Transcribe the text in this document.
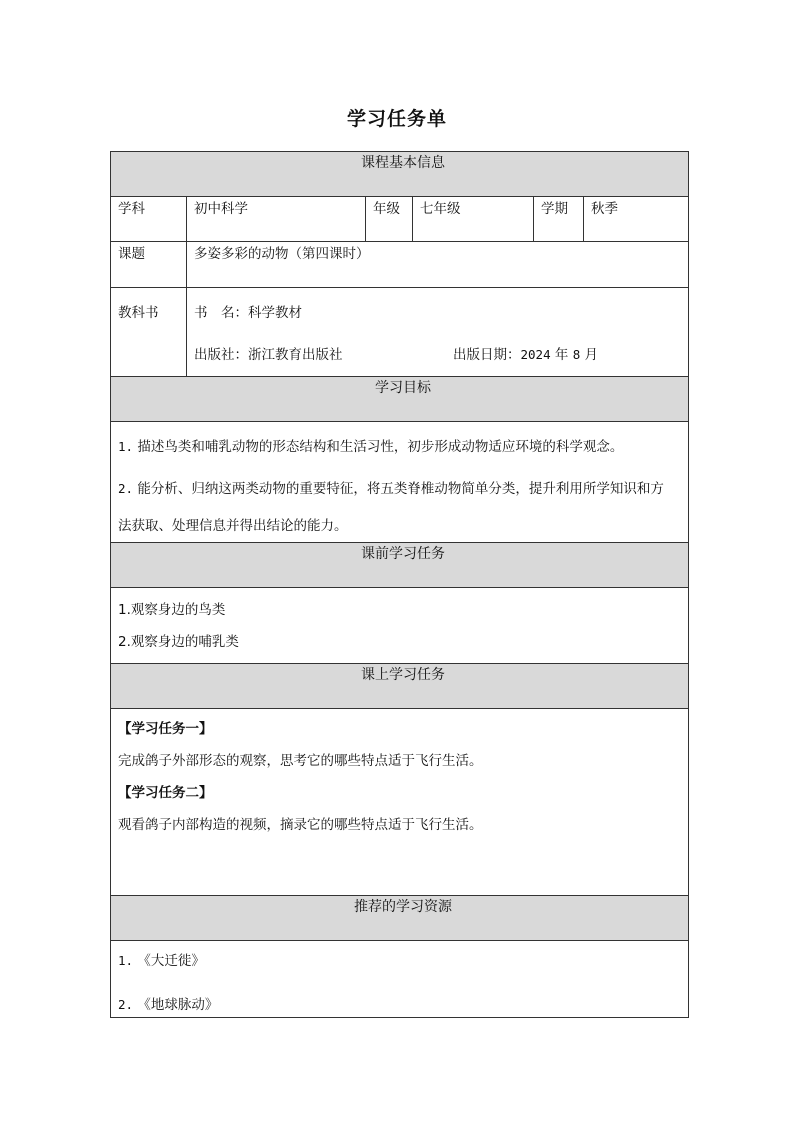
学习任务单
课程基本信息					
学科	初中科学	年级	七年级	学期	秋季
课题	多姿多彩的动物（第四课时）				
教科书	书　名：科学教材
出版社：浙江教育出版社 出版日期：2024 年 8 月				

学习目标					

1. 描述鸟类和哺乳动物的形态结构和生活习性，初步形成动物适应环境的科学观念。
2. 能分析、归纳这两类动物的重要特征，将五类脊椎动物简单分类，提升利用所学知识和方
法获取、处理信息并得出结论的能力。					

课前学习任务					

1.观察身边的鸟类
2.观察身边的哺乳类					

课上学习任务					

【学习任务一】
完成鸽子外部形态的观察，思考它的哪些特点适于飞行生活。
【学习任务二】
观看鸽子内部构造的视频，摘录它的哪些特点适于飞行生活。					

推荐的学习资源					

1. 《大迁徙》
2. 《地球脉动》					
